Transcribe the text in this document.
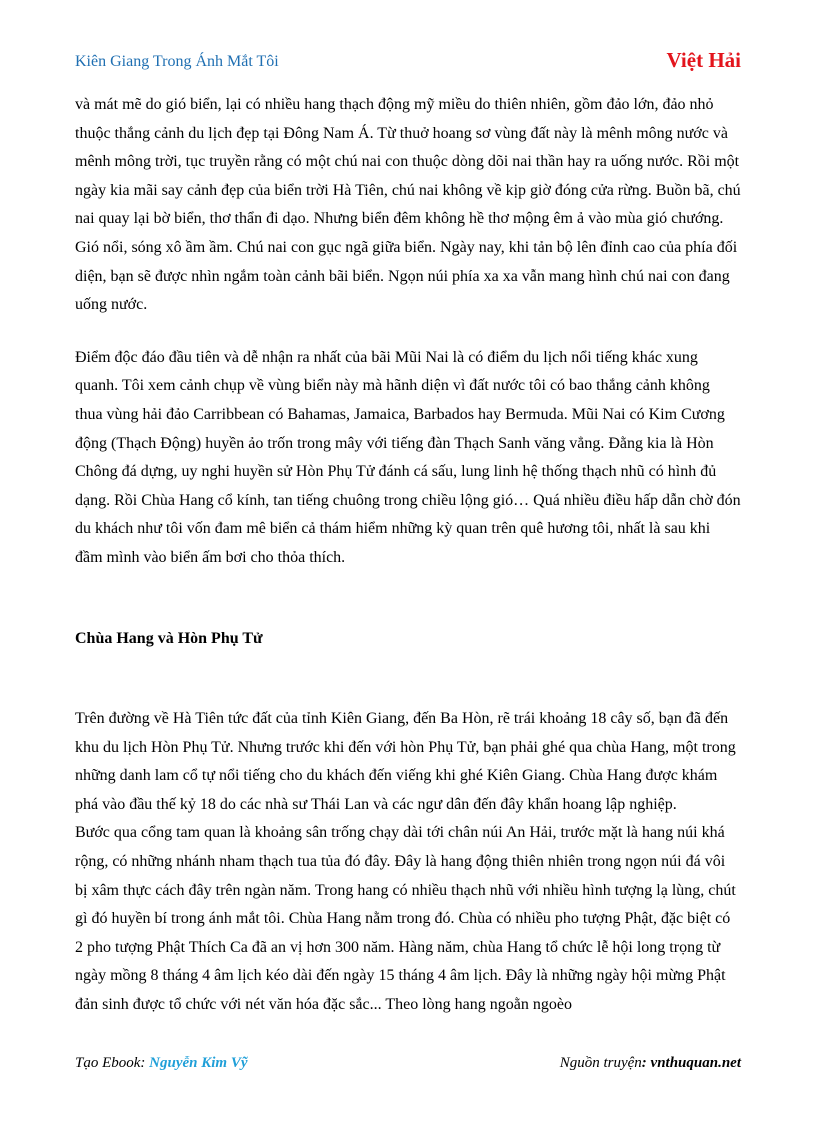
Kiên Giang Trong Ánh Mắt Tôi	Việt Hải

và mát mẽ do gió biển, lại có nhiều hang thạch động mỹ miều do thiên nhiên, gồm đảo lớn, đảo nhỏ thuộc thắng cảnh du lịch đẹp tại Đông Nam Á. Từ thuở hoang sơ vùng đất này là mênh mông nước và mênh mông trời, tục truyền rằng có một chú nai con thuộc dòng dõi nai thần hay ra uống nước. Rồi một ngày kia mãi say cảnh đẹp của biển trời Hà Tiên, chú nai không về kịp giờ đóng cửa rừng. Buồn bã, chú nai quay lại bờ biển, thơ thẩn đi dạo. Nhưng biển đêm không hề thơ mộng êm ả vào mùa gió chướng. Gió nổi, sóng xô ầm ầm. Chú nai con gục ngã giữa biển. Ngày nay, khi tản bộ lên đỉnh cao của phía đối diện, bạn sẽ được nhìn ngắm toàn cảnh bãi biển. Ngọn núi phía xa xa vẫn mang hình chú nai con đang uống nước.

Điểm độc đáo đầu tiên và dễ nhận ra nhất của bãi Mũi Nai là có điểm du lịch nổi tiếng khác xung quanh. Tôi xem cảnh chụp về vùng biển này mà hãnh diện vì đất nước tôi có bao thắng cảnh không thua vùng hải đảo Carribbean có Bahamas, Jamaica, Barbados hay Bermuda. Mũi Nai có Kim Cương động (Thạch Động) huyền ảo trốn trong mây với tiếng đàn Thạch Sanh văng vẳng. Đằng kia là Hòn Chông đá dựng, uy nghi huyền sử Hòn Phụ Tử đánh cá sấu, lung linh hệ thống thạch nhũ có hình đủ dạng. Rồi Chùa Hang cổ kính, tan tiếng chuông trong chiều lộng gió… Quá nhiều điều hấp dẫn chờ đón du khách như tôi vốn đam mê biển cả thám hiểm những kỳ quan trên quê hương tôi, nhất là sau khi đầm mình vào biển ấm bơi cho thỏa thích.

Chùa Hang và Hòn Phụ Tử

Trên đường về Hà Tiên tức đất của tỉnh Kiên Giang, đến Ba Hòn, rẽ trái khoảng 18 cây số, bạn đã đến khu du lịch Hòn Phụ Tử. Nhưng trước khi đến với hòn Phụ Tử, bạn phải ghé qua chùa Hang, một trong những danh lam cổ tự nổi tiếng cho du khách đến viếng khi ghé Kiên Giang. Chùa Hang được khám phá vào đầu thế kỷ 18 do các nhà sư Thái Lan và các ngư dân đến đây khẩn hoang lập nghiệp.

Bước qua cổng tam quan là khoảng sân trống chạy dài tới chân núi An Hải, trước mặt là hang núi khá rộng, có những nhánh nham thạch tua tủa đó đây. Đây là hang động thiên nhiên trong ngọn núi đá vôi bị xâm thực cách đây trên ngàn năm. Trong hang có nhiều thạch nhũ với nhiều hình tượng lạ lùng, chút gì đó huyền bí trong ánh mắt tôi. Chùa Hang nằm trong đó. Chùa có nhiều pho tượng Phật, đặc biệt có 2 pho tượng Phật Thích Ca đã an vị hơn 300 năm. Hàng năm, chùa Hang tổ chức lễ hội long trọng từ ngày mồng 8 tháng 4 âm lịch kéo dài đến ngày 15 tháng 4 âm lịch. Đây là những ngày hội mừng Phật đản sinh được tổ chức với nét văn hóa đặc sắc... Theo lòng hang ngoằn ngoèo

Tạo Ebook: Nguyễn Kim Vỹ	Nguồn truyện: vnthuquan.net
